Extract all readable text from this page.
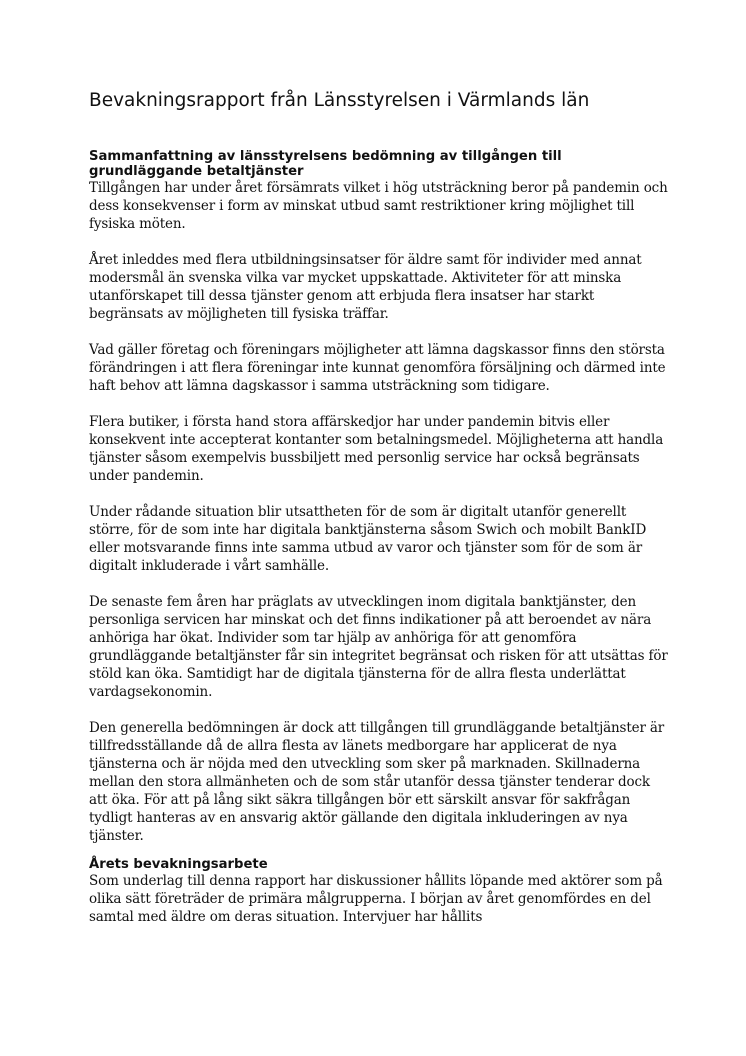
Bevakningsrapport från Länsstyrelsen i Värmlands län
Sammanfattning av länsstyrelsens bedömning av tillgången till grundläggande betaltjänster

Tillgången har under året försämrats vilket i hög utsträckning beror på pandemin och dess konsekvenser i form av minskat utbud samt restriktioner kring möjlighet till fysiska möten.

Året inleddes med flera utbildningsinsatser för äldre samt för individer med annat modersmål än svenska vilka var mycket uppskattade. Aktiviteter för att minska utanförskapet till dessa tjänster genom att erbjuda flera insatser har starkt begränsats av möjligheten till fysiska träffar.

Vad gäller företag och föreningars möjligheter att lämna dagskassor finns den största förändringen i att flera föreningar inte kunnat genomföra försäljning och därmed inte haft behov att lämna dagskassor i samma utsträckning som tidigare.

Flera butiker, i första hand stora affärskedjor har under pandemin bitvis eller konsekvent inte accepterat kontanter som betalningsmedel. Möjligheterna att handla tjänster såsom exempelvis bussbiljett med personlig service har också begränsats under pandemin.

Under rådande situation blir utsattheten för de som är digitalt utanför generellt större, för de som inte har digitala banktjänsterna såsom Swich och mobilt BankID eller motsvarande finns inte samma utbud av varor och tjänster som för de som är digitalt inkluderade i vårt samhälle.

De senaste fem åren har präglats av utvecklingen inom digitala banktjänster, den personliga servicen har minskat och det finns indikationer på att beroendet av nära anhöriga har ökat. Individer som tar hjälp av anhöriga för att genomföra grundläggande betaltjänster får sin integritet begränsat och risken för att utsättas för stöld kan öka. Samtidigt har de digitala tjänsterna för de allra flesta underlättat vardagsekonomin.

Den generella bedömningen är dock att tillgången till grundläggande betaltjänster är tillfredsställande då de allra flesta av länets medborgare har applicerat de nya tjänsterna och är nöjda med den utveckling som sker på marknaden. Skillnaderna mellan den stora allmänheten och de som står utanför dessa tjänster tenderar dock att öka. För att på lång sikt säkra tillgången bör ett särskilt ansvar för sakfrågan tydligt hanteras av en ansvarig aktör gällande den digitala inkluderingen av nya tjänster.

Årets bevakningsarbete

Som underlag till denna rapport har diskussioner hållits löpande med aktörer som på olika sätt företräder de primära målgrupperna. I början av året genomfördes en del samtal med äldre om deras situation. Intervjuer har hållits
